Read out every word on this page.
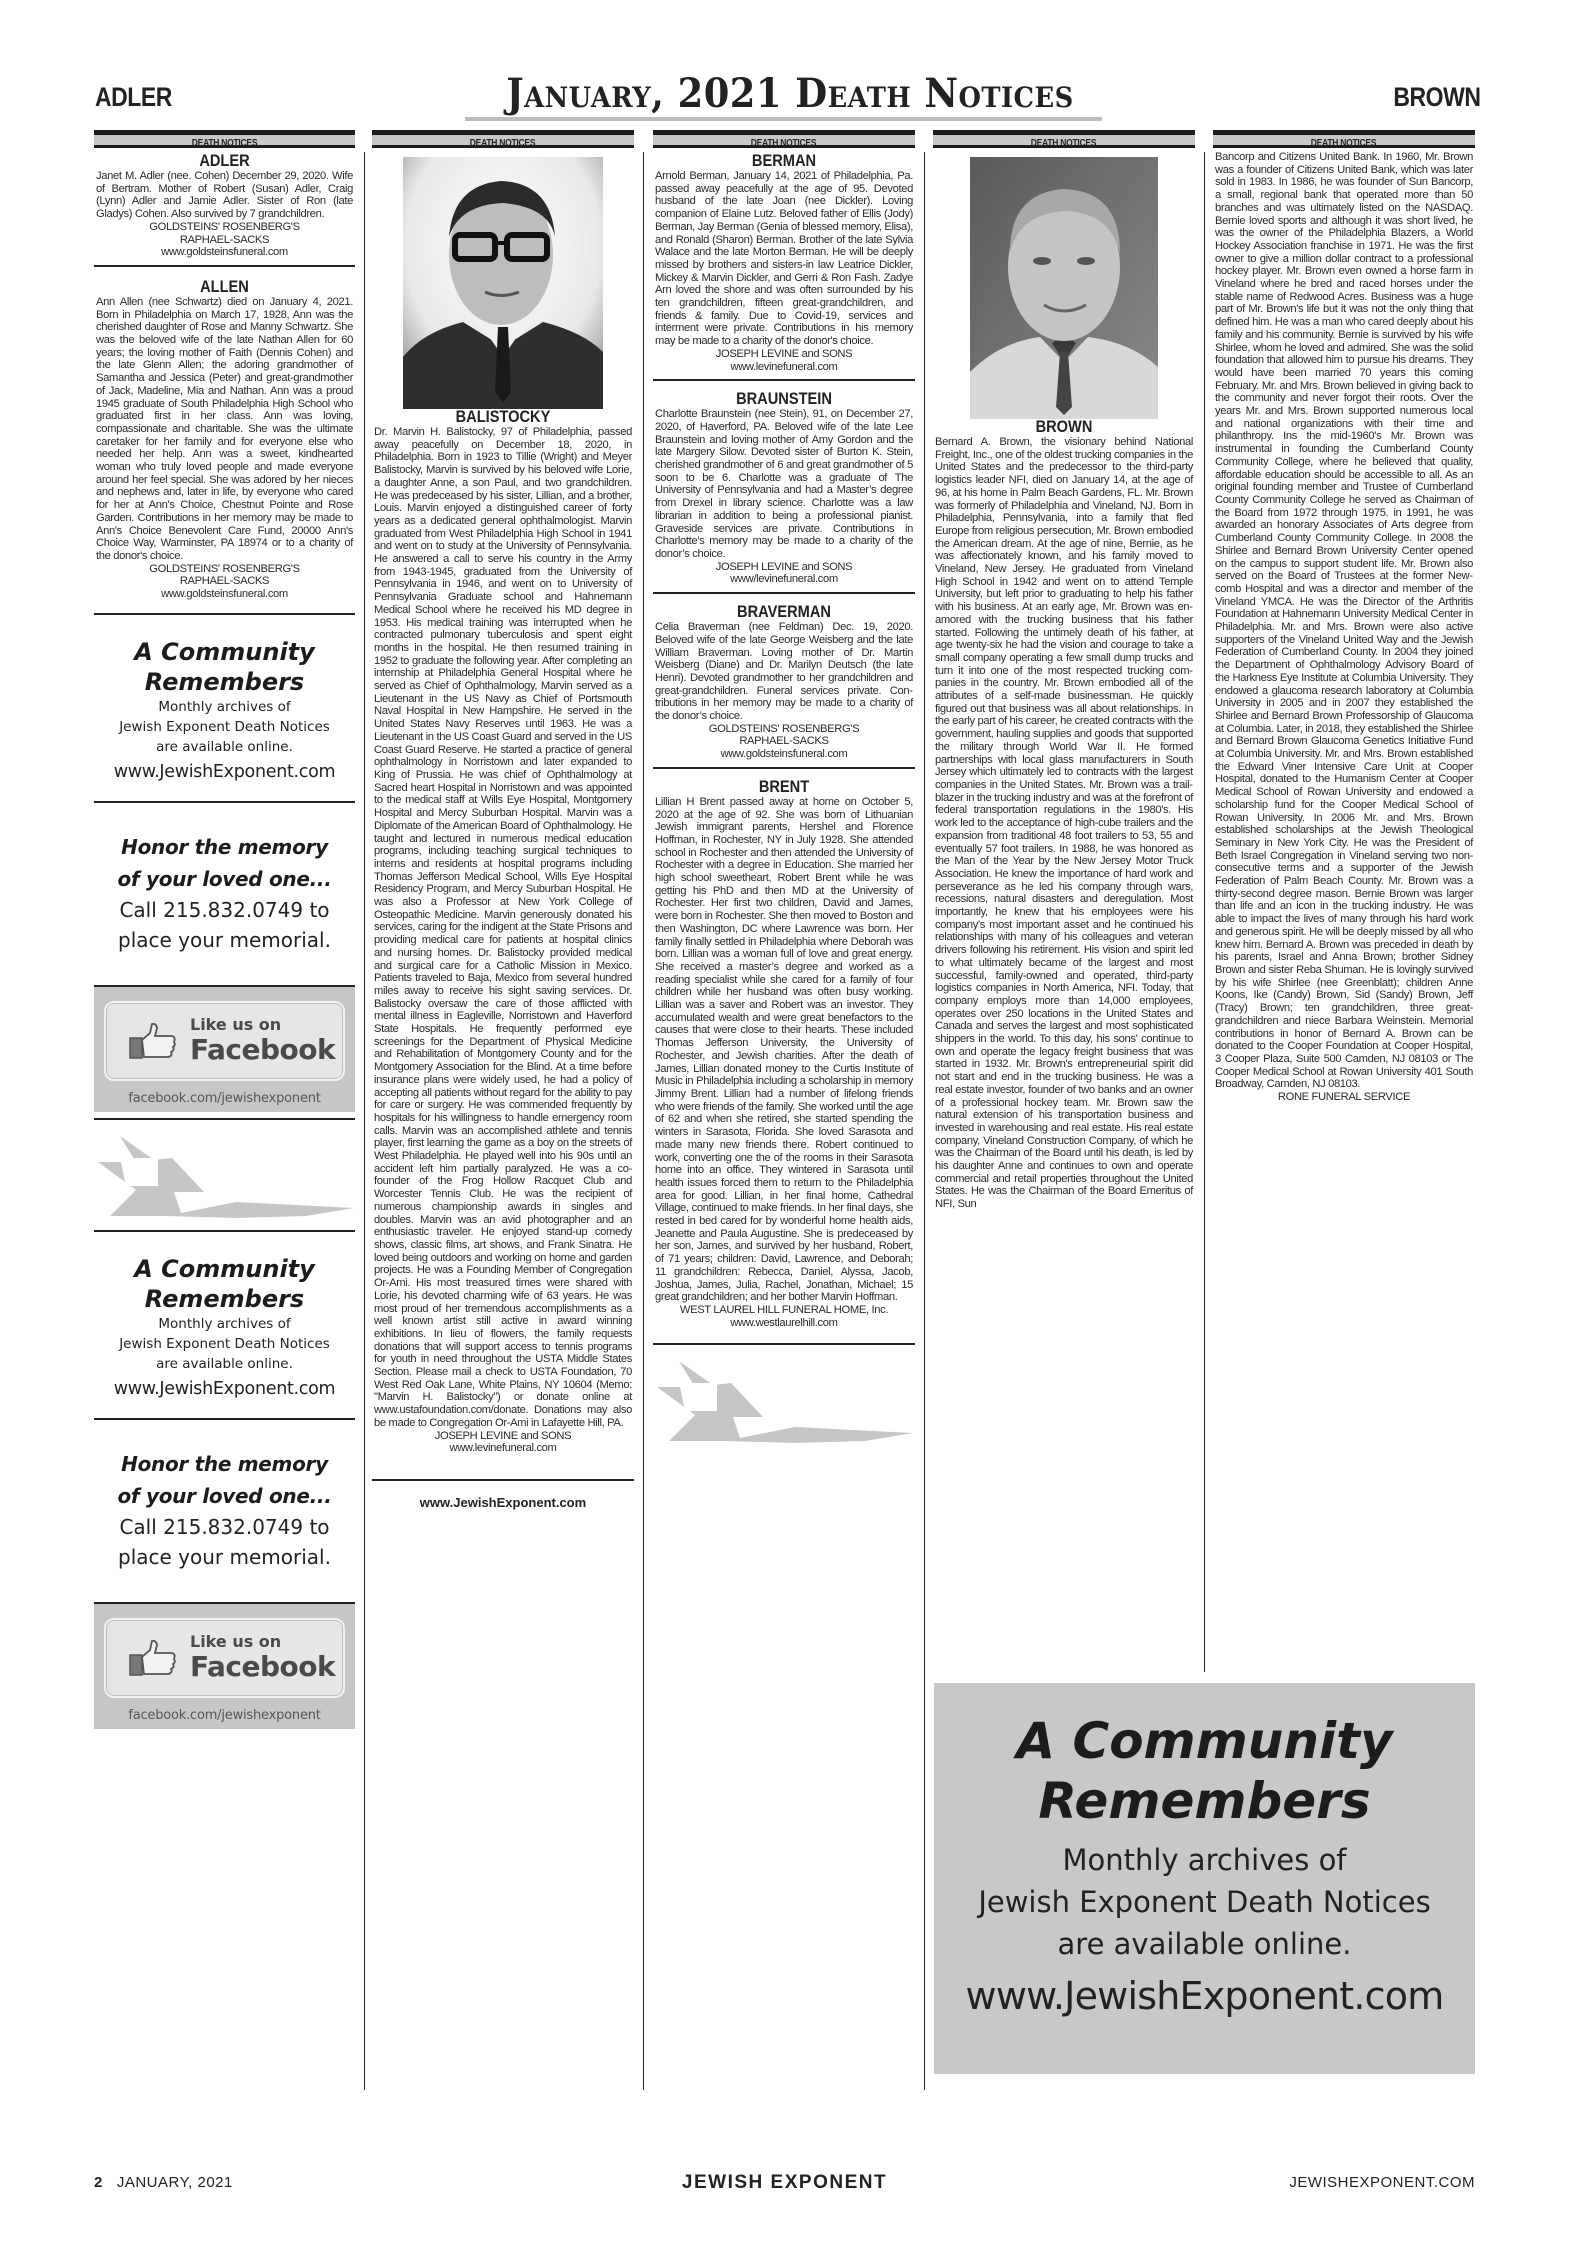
ADLER	January, 2021 Death Notices	BROWN
DEATH NOTICES
ADLER
Janet M. Adler (nee. Cohen) December 29, 2020. Wife of Bertram. Mother of Robert (Susan) Adler, Craig (Lynn) Adler and Jamie Adler. Sister of Ron (late Gladys) Cohen. Also survived by 7 grandchildren.
GOLDSTEINS' ROSENBERG'S
RAPHAEL-SACKS
www.goldsteinsfuneral.com
ALLEN
Ann Allen (nee Schwartz) died on January 4, 2021. Born in Philadelphia on March 17, 1928, Ann was the cherished daughter of Rose and Manny Schwartz. She was the beloved wife of the late Nathan Allen for 60 years; the loving mother of Faith (Dennis Cohen) and the late Glenn Allen; the adoring grandmother of Samantha and Jessica (Peter) and great-grandmother of Jack, Madeline, Mia and Nathan. Ann was a proud 1945 graduate of South Philadelphia High School who graduated first in her class. Ann was loving, compassionate and charitable. She was the ultimate caretaker for her family and for everyone else who needed her help. Ann was a sweet, kindhearted woman who truly loved people and made everyone around her feel special. She was adored by her nieces and nephews and, later in life, by everyone who cared for her at Ann's Choice, Chestnut Pointe and Rose Garden. Contributions in her memory may be made to Ann's Choice Benevolent Care Fund, 20000 Ann's Choice Way, Warminster, PA 18974 or to a charity of the donor's choice.
GOLDSTEINS' ROSENBERG'S
RAPHAEL-SACKS
www.goldsteinsfuneral.com
A Community
Remembers
Monthly archives of
Jewish Exponent Death Notices
are available online.
www.JewishExponent.com
Honor the memory
of your loved one...
Call 215.832.0749 to
place your memorial.
Like us on
Facebook
facebook.com/jewishexponent
A Community
Remembers
Monthly archives of
Jewish Exponent Death Notices
are available online.
www.JewishExponent.com
Honor the memory
of your loved one...
Call 215.832.0749 to
place your memorial.
Like us on
Facebook
facebook.com/jewishexponent
DEATH NOTICES
BALISTOCKY
Dr. Marvin H. Balistocky, 97 of Philadelphia, passed away peacefully on December 18, 2020, in Philadelphia. Born in 1923 to Tillie (Wright) and Meyer Balistocky, Marvin is survived by his beloved wife Lorie, a daughter Anne, a son Paul, and two grandchildren. He was predeceased by his sister, Lillian, and a brother, Louis. Marvin enjoyed a distinguished career of forty years as a dedicated general ophthalmologist. Marvin graduated from West Philadelphia High School in 1941 and went on to study at the University of Pennsylvania. He answered a call to serve his country in the Army from 1943-1945, graduated from the University of Pennsylvania in 1946, and went on to University of Pennsylvania Graduate school and Hahnemann Medical School where he received his MD degree in 1953. His medical training was interrupted when he contracted pulmonary tuberculosis and spent eight months in the hospital. He then resumed training in 1952 to graduate the following year. After completing an internship at Philadelphia General Hospital where he served as Chief of Ophthalmology, Marvin served as a Lieutenant in the US Navy as Chief of Portsmouth Naval Hospital in New Hampshire. He served in the United States Navy Reserves until 1963. He was a Lieutenant in the US Coast Guard and served in the US Coast Guard Reserve. He started a practice of general ophthalmology in Norristown and later expanded to King of Prussia. He was chief of Ophthalmology at Sacred heart Hospital in Norristown and was appointed to the medical staff at Wills Eye Hospital, Montgomery Hospital and Mercy Suburban Hospital. Marvin was a Diplomate of the American Board of Ophthalmology. He taught and lectured in numerous medical education programs, including teaching surgical techniques to interns and residents at hospital programs including Thomas Jefferson Medical School, Wills Eye Hospital Residency Program, and Mercy Suburban Hospital. He was also a Professor at New York College of Osteopathic Medicine. Marvin generously donated his services, caring for the indigent at the State Prisons and providing medical care for patients at hospital clinics and nursing homes. Dr. Balistocky provided medical and surgical care for a Catholic Mission in Mexico. Patients traveled to Baja, Mexico from several hundred miles away to receive his sight saving services. Dr. Balistocky oversaw the care of those afflicted with mental illness in Eagleville, Norristown and Haverford State Hospitals. He frequently performed eye screenings for the Department of Physical Medicine and Rehabilitation of Montgomery County and for the Montgomery Association for the Blind. At a time before insurance plans were widely used, he had a policy of accepting all patients without regard for the ability to pay for care or surgery. He was commended frequently by hospitals for his willingness to handle emergency room calls. Marvin was an accomplished athlete and tennis player, first learning the game as a boy on the streets of West Philadelphia. He played well into his 90s until an accident left him partially paralyzed. He was a co-founder of the Frog Hollow Racquet Club and Worcester Tennis Club. He was the recipient of numerous championship awards in singles and doubles. Marvin was an avid photographer and an enthusiastic traveler. He enjoyed stand-up comedy shows, classic films, art shows, and Frank Sinatra. He loved being outdoors and working on home and garden projects. He was a Founding Member of Congregation Or-Ami. His most treasured times were shared with Lorie, his devoted charming wife of 63 years. He was most proud of her tremendous accomplishments as a well known artist still active in award winning exhibitions. In lieu of flowers, the family requests donations that will support access to tennis programs for youth in need throughout the USTA Middle States Section. Please mail a check to USTA Foundation, 70 West Red Oak Lane, White Plains, NY 10604 (Memo: "Marvin H. Balistocky") or donate online at www.ustafoundation.com/donate. Donations may also be made to Congregation Or-Ami in Lafayette Hill, PA.
JOSEPH LEVINE and SONS
www.levinefuneral.com
www.JewishExponent.com
DEATH NOTICES
BERMAN
Arnold Berman, January 14, 2021 of Philadelphia, Pa. passed away peacefully at the age of 95. Devoted husband of the late Joan (nee Dickler). Loving companion of Elaine Lutz. Beloved father of Ellis (Jody) Berman, Jay Berman (Genia of blessed memory, Elisa), and Ronald (Sharon) Berman. Brother of the late Sylvia Walace and the late Morton Berman. He will be deeply missed by brothers and sisters-in law Leatrice Dickler, Mickey & Marvin Dickler, and Gerri & Ron Fash. Zadye Arn loved the shore and was often surrounded by his ten grandchildren, fifteen great-grandchildren, and friends & family. Due to Covid-19, services and interment were private. Contributions in his memory may be made to a charity of the donor's choice.
JOSEPH LEVINE and SONS
www.levinefuneral.com
BRAUNSTEIN
Charlotte Braunstein (nee Stein), 91, on December 27, 2020, of Haverford, PA. Beloved wife of the late Lee Braunstein and loving mother of Amy Gordon and the late Margery Silow. Devoted sister of Burton K. Stein, cherished grandmother of 6 and great grandmother of 5 soon to be 6. Charlotte was a graduate of The University of Pennsylvania and had a Master’s degree from Drexel in library science. Charlotte was a law librarian in addition to being a professional pianist. Graveside services are private. Contributions in Charlotte’s memory may be made to a charity of the donor’s choice.
JOSEPH LEVINE and SONS
www/levinefuneral.com
BRAVERMAN
Celia Braverman (nee Feldman) Dec. 19, 2020. Beloved wife of the late George Weisberg and the late William Braverman. Loving mother of Dr. Martin Weisberg (Diane) and Dr. Marilyn Deutsch (the late Henri). Devoted grandmother to her grandchildren and great-grandchildren. Funeral services private. Contributions in her memory may be made to a charity of the donor’s choice.
GOLDSTEINS' ROSENBERG'S
RAPHAEL-SACKS
www.goldsteinsfuneral.com
BRENT
Lillian H Brent passed away at home on October 5, 2020 at the age of 92. She was born of Lithuanian Jewish immigrant parents, Hershel and Florence Hoffman, in Rochester, NY in July 1928. She attended school in Rochester and then attended the University of Rochester with a degree in Education. She married her high school sweetheart, Robert Brent while he was getting his PhD and then MD at the University of Rochester. Her first two children, David and James, were born in Rochester. She then moved to Boston and then Washington, DC where Lawrence was born. Her family finally settled in Philadelphia where Deborah was born. Lillian was a woman full of love and great energy. She received a master’s degree and worked as a reading specialist while she cared for a family of four children while her husband was often busy working. Lillian was a saver and Robert was an investor. They accumulated wealth and were great benefactors to the causes that were close to their hearts. These included Thomas Jefferson University, the University of Rochester, and Jewish charities. After the death of James, Lillian donated money to the Curtis Institute of Music in Philadelphia including a scholarship in memory Jimmy Brent. Lillian had a number of lifelong friends who were friends of the family. She worked until the age of 62 and when she retired, she started spending the winters in Sarasota, Florida. She loved Sarasota and made many new friends there. Robert continued to work, converting one the of the rooms in their Sarasota home into an office. They wintered in Sarasota until health issues forced them to return to the Philadelphia area for good. Lillian, in her final home, Cathedral Village, continued to make friends. In her final days, she rested in bed cared for by wonderful home health aids, Jeanette and Paula Augustine. She is predeceased by her son, James, and survived by her husband, Robert, of 71 years; children: David, Lawrence, and Deborah; 11 grandchildren: Rebecca, Daniel, Alyssa, Jacob, Joshua, James, Julia, Rachel, Jonathan, Michael; 15 great grandchildren; and her bother Marvin Hoffman.
WEST LAUREL HILL FUNERAL HOME, Inc.
www.westlaurelhill.com
DEATH NOTICES
BROWN
Bernard A. Brown, the visionary behind National Freight, Inc., one of the oldest trucking companies in the United States and the predecessor to the third-party logistics leader NFI, died on January 14, at the age of 96, at his home in Palm Beach Gardens, FL. Mr. Brown was formerly of Philadelphia and Vineland, NJ. Born in Philadelphia, Pennsylvania, into a family that fled Europe from religious persecution, Mr. Brown embodied the American dream. At the age of nine, Bernie, as he was affectionately known, and his family moved to Vineland, New Jersey. He graduated from Vineland High School in 1942 and went on to attend Temple University, but left prior to graduating to help his father with his business. At an early age, Mr. Brown was enamored with the trucking business that his father started. Following the untimely death of his father, at age twenty-six he had the vision and courage to take a small company operating a few small dump trucks and turn it into one of the most respected trucking companies in the country. Mr. Brown embodied all of the attributes of a self-made businessman. He quickly figured out that business was all about relationships. In the early part of his career, he created contracts with the government, hauling supplies and goods that supported the military through World War II. He formed partnerships with local glass manufacturers in South Jersey which ultimately led to contracts with the largest companies in the United States. Mr. Brown was a trailblazer in the trucking industry and was at the forefront of federal transportation regulations in the 1980's. His work led to the acceptance of high-cube trailers and the expansion from traditional 48 foot trailers to 53, 55 and eventually 57 foot trailers. In 1988, he was honored as the Man of the Year by the New Jersey Motor Truck Association. He knew the importance of hard work and perseverance as he led his company through wars, recessions, natural disasters and deregulation. Most importantly, he knew that his employees were his company's most important asset and he continued his relationships with many of his colleagues and veteran drivers following his retirement. His vision and spirit led to what ultimately became of the largest and most successful, family-owned and operated, third-party logistics companies in North America, NFI. Today, that company employs more than 14,000 employees, operates over 250 locations in the United States and Canada and serves the largest and most sophisticated shippers in the world. To this day, his sons' continue to own and operate the legacy freight business that was started in 1932. Mr. Brown's entrepreneurial spirit did not start and end in the trucking business. He was a real estate investor, founder of two banks and an owner of a professional hockey team. Mr. Brown saw the natural extension of his transportation business and invested in warehousing and real estate. His real estate company, Vineland Construction Company, of which he was the Chairman of the Board until his death, is led by his daughter Anne and continues to own and operate commercial and retail properties throughout the United States. He was the Chairman of the Board Emeritus of NFI, Sun
DEATH NOTICES
Bancorp and Citizens United Bank. In 1960, Mr. Brown was a founder of Citizens United Bank, which was later sold in 1983. In 1986, he was founder of Sun Bancorp, a small, regional bank that operated more than 50 branches and was ultimately listed on the NASDAQ. Bernie loved sports and although it was short lived, he was the owner of the Philadelphia Blazers, a World Hockey Association franchise in 1971. He was the first owner to give a million dollar contract to a professional hockey player. Mr. Brown even owned a horse farm in Vineland where he bred and raced horses under the stable name of Redwood Acres. Business was a huge part of Mr. Brown's life but it was not the only thing that defined him. He was a man who cared deeply about his family and his community. Bernie is survived by his wife Shirlee, whom he loved and admired. She was the solid foundation that allowed him to pursue his dreams. They would have been married 70 years this coming February. Mr. and Mrs. Brown believed in giving back to the community and never forgot their roots. Over the years Mr. and Mrs. Brown supported numerous local and national organizations with their time and philanthropy. Ins the mid-1960's Mr. Brown was instrumental in founding the Cumberland County Community College, where he believed that quality, affordable education should be accessible to all. As an original founding member and Trustee of Cumberland County Community College he served as Chairman of the Board from 1972 through 1975. in 1991, he was awarded an honorary Associates of Arts degree from Cumberland County Community College. In 2008 the Shirlee and Bernard Brown University Center opened on the campus to support student life. Mr. Brown also served on the Board of Trustees at the former Newcomb Hospital and was a director and member of the Vineland YMCA. He was the Director of the Arthritis Foundation at Hahnemann University Medical Center in Philadelphia. Mr. and Mrs. Brown were also active supporters of the Vineland United Way and the Jewish Federation of Cumberland County. In 2004 they joined the Department of Ophthalmology Advisory Board of the Harkness Eye Institute at Columbia University. They endowed a glaucoma research laboratory at Columbia University in 2005 and in 2007 they established the Shirlee and Bernard Brown Professorship of Glaucoma at Columbia. Later, in 2018, they established the Shirlee and Bernard Brown Glaucoma Genetics Initiative Fund at Columbia University. Mr. and Mrs. Brown established the Edward Viner Intensive Care Unit at Cooper Hospital, donated to the Humanism Center at Cooper Medical School of Rowan University and endowed a scholarship fund for the Cooper Medical School of Rowan University. In 2006 Mr. and Mrs. Brown established scholarships at the Jewish Theological Seminary in New York City. He was the President of Beth Israel Congregation in Vineland serving two non-consecutive terms and a supporter of the Jewish Federation of Palm Beach County. Mr. Brown was a thirty-second degree mason. Bernie Brown was larger than life and an icon in the trucking industry. He was able to impact the lives of many through his hard work and generous spirit. He will be deeply missed by all who knew him. Bernard A. Brown was preceded in death by his parents, Israel and Anna Brown; brother Sidney Brown and sister Reba Shuman. He is lovingly survived by his wife Shirlee (nee Greenblatt); children Anne Koons, Ike (Candy) Brown, Sid (Sandy) Brown, Jeff (Tracy) Brown; ten grandchildren, three great-grandchildren and niece Barbara Weinstein. Memorial contributions in honor of Bernard A. Brown can be donated to the Cooper Foundation at Cooper Hospital, 3 Cooper Plaza, Suite 500 Camden, NJ 08103 or The Cooper Medical School at Rowan University 401 South Broadway, Camden, NJ 08103.
RONE FUNERAL SERVICE
A Community
Remembers
Monthly archives of
Jewish Exponent Death Notices
are available online.
www.JewishExponent.com
2 JANUARY, 2021	JEWISH EXPONENT	JEWISHEXPONENT.COM
